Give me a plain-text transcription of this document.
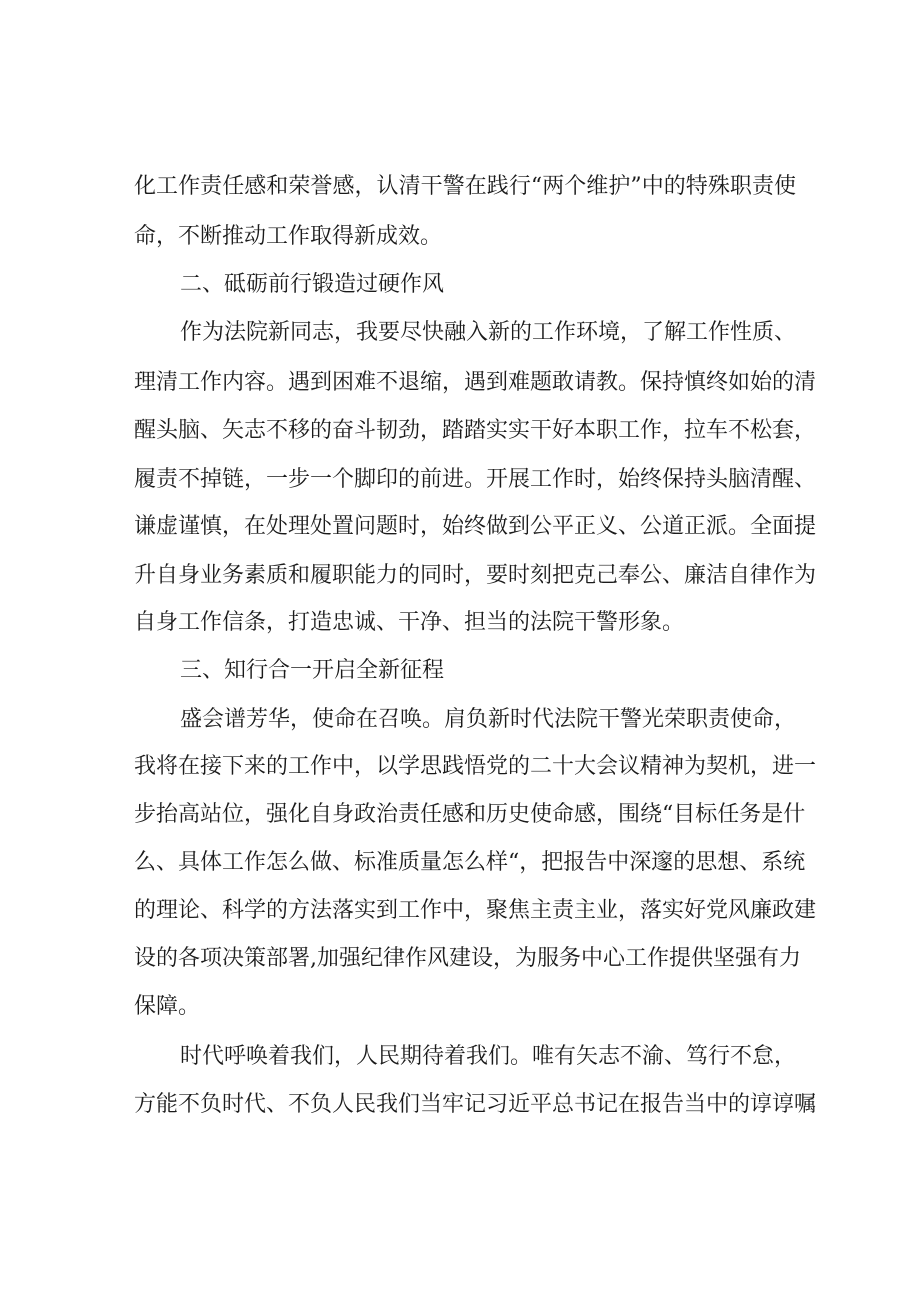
化工作责任感和荣誉感，认清干警在践行“两个维护”中的特殊职责使

命，不断推动工作取得新成效。

二、砥砺前行锻造过硬作风

作为法院新同志，我要尽快融入新的工作环境，了解工作性质、

理清工作内容。遇到困难不退缩，遇到难题敢请教。保持慎终如始的清

醒头脑、矢志不移的奋斗韧劲，踏踏实实干好本职工作，拉车不松套，

履责不掉链，一步一个脚印的前进。开展工作时，始终保持头脑清醒、

谦虚谨慎，在处理处置问题时，始终做到公平正义、公道正派。全面提

升自身业务素质和履职能力的同时，要时刻把克己奉公、廉洁自律作为

自身工作信条，打造忠诚、干净、担当的法院干警形象。

三、知行合一开启全新征程

盛会谱芳华，使命在召唤。肩负新时代法院干警光荣职责使命，

我将在接下来的工作中，以学思践悟党的二十大会议精神为契机，进一

步抬高站位，强化自身政治责任感和历史使命感，围绕“目标任务是什

么、具体工作怎么做、标准质量怎么样“，把报告中深邃的思想、系统

的理论、科学的方法落实到工作中，聚焦主责主业，落实好党风廉政建

设的各项决策部署,加强纪律作风建设，为服务中心工作提供坚强有力

保障。

时代呼唤着我们，人民期待着我们。唯有矢志不渝、笃行不怠，

方能不负时代、不负人民我们当牢记习近平总书记在报告当中的谆谆嘱
